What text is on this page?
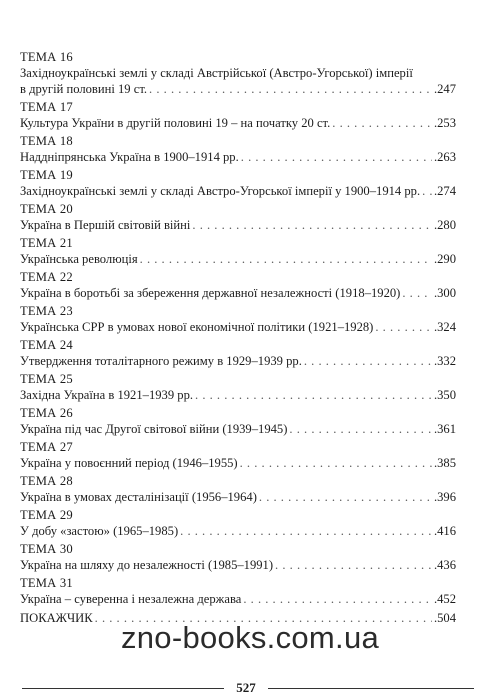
ТЕМА 16
Західноукраїнські землі у складі Австрійської (Австро-Угорської) імперії
в другій половині 19 ст. . . .	.247
ТЕМА 17
Культура України в другій половині 19 – на початку 20 ст. . . .	.253
ТЕМА 18
Наддніпрянська Україна в 1900–1914 рр. . . .	.263
ТЕМА 19
Західноукраїнські землі у складі Австро-Угорської імперії у 1900–1914 рр. . . . .274
ТЕМА 20
Україна в Першій світовій війні . . .	.280
ТЕМА 21
Українська революція . . .	.290
ТЕМА 22
Україна в боротьбі за збереження державної незалежності (1918–1920) . . .	.300
ТЕМА 23
Українська СРР в умовах нової економічної політики (1921–1928) . . .	.324
ТЕМА 24
Утвердження тоталітарного режиму в 1929–1939 рр. . . .	.332
ТЕМА 25
Західна Україна в 1921–1939 рр. . . .	.350
ТЕМА 26
Україна під час Другої світової війни (1939–1945) . . .	.361
ТЕМА 27
Україна у повоєнний період (1946–1955) . . .	.385
ТЕМА 28
Україна в умовах десталінізації (1956–1964) . . .	.396
ТЕМА 29
У добу «застою» (1965–1985) . . .	.416
ТЕМА 30
Україна на шляху до незалежності (1985–1991) . . .	.436
ТЕМА 31
Україна – суверенна і незалежна держава . . .	.452
ПОКАЖЧИК . . .	.504
zno-books.com.ua
527
